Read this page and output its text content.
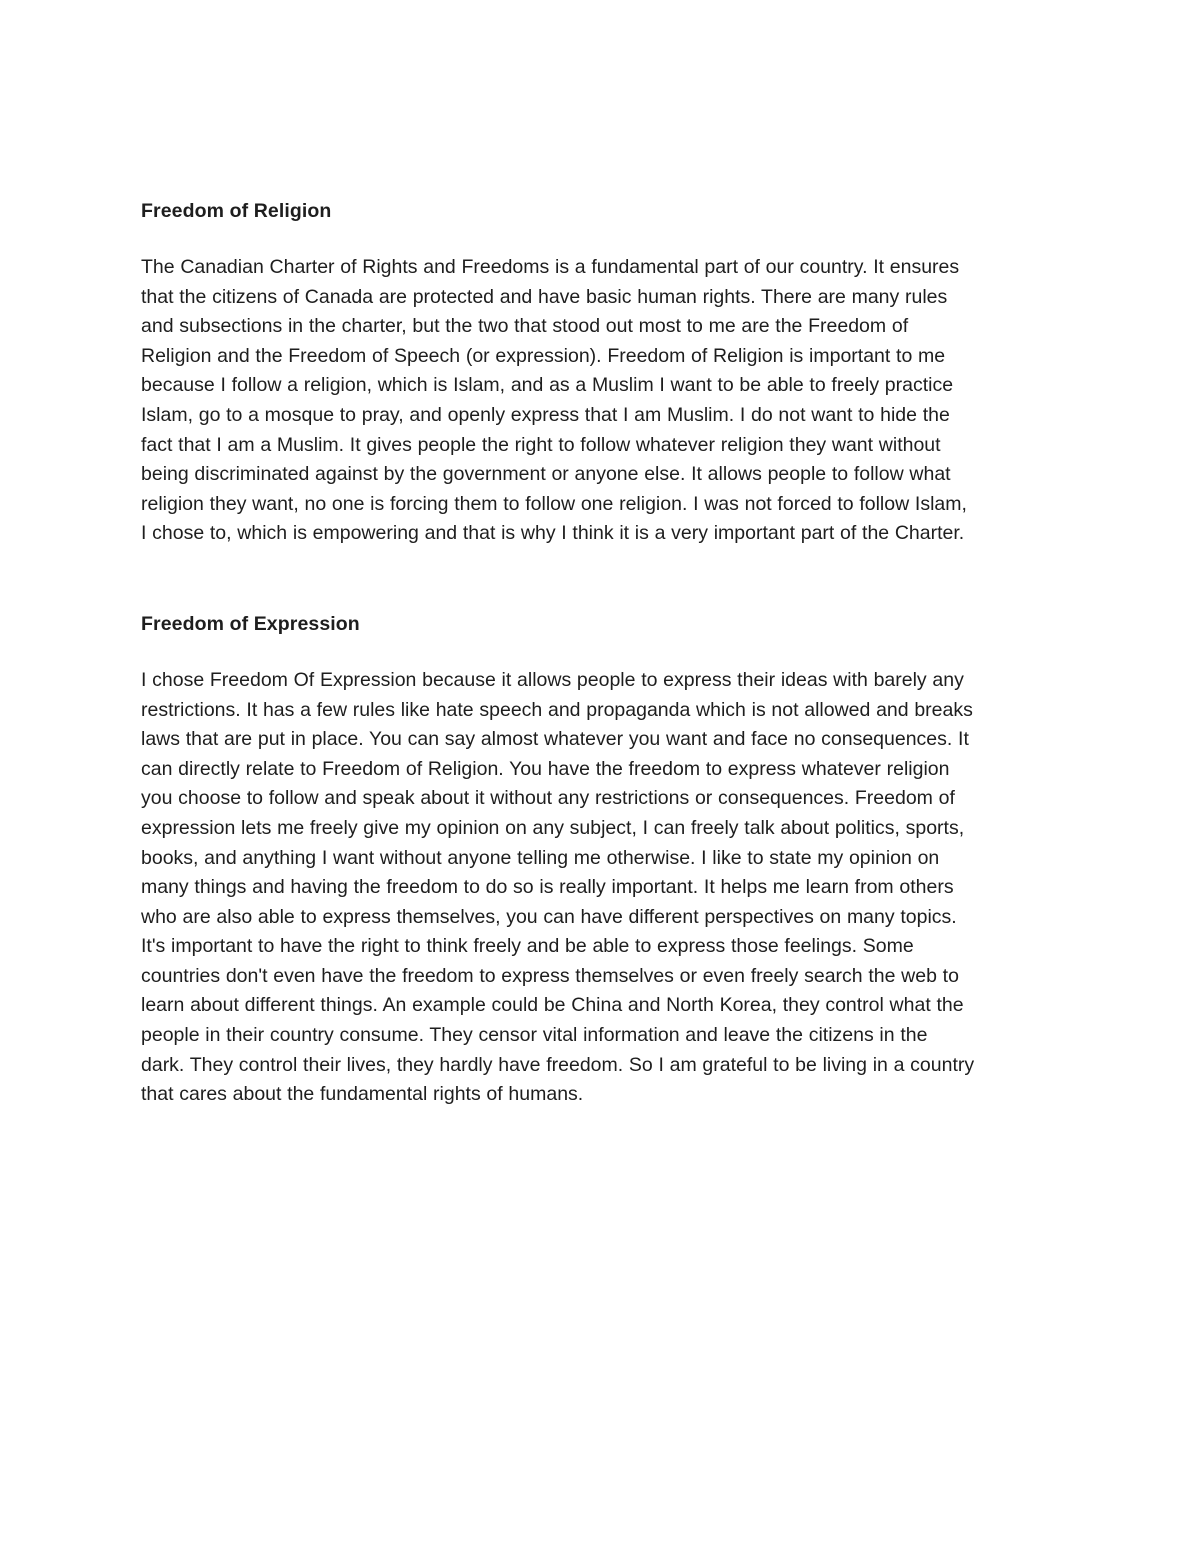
Freedom of Religion

The Canadian Charter of Rights and Freedoms is a fundamental part of our country. It ensures
that the citizens of Canada are protected and have basic human rights. There are many rules
and subsections in the charter, but the two that stood out most to me are the Freedom of
Religion and the Freedom of Speech (or expression). Freedom of Religion is important to me
because I follow a religion, which is Islam, and as a Muslim I want to be able to freely practice
Islam, go to a mosque to pray, and openly express that I am Muslim. I do not want to hide the
fact that I am a Muslim. It gives people the right to follow whatever religion they want without
being discriminated against by the government or anyone else. It allows people to follow what
religion they want, no one is forcing them to follow one religion. I was not forced to follow Islam,
I chose to, which is empowering and that is why I think it is a very important part of the Charter.

Freedom of Expression

I chose Freedom Of Expression because it allows people to express their ideas with barely any
restrictions. It has a few rules like hate speech and propaganda which is not allowed and breaks
laws that are put in place. You can say almost whatever you want and face no consequences. It
can directly relate to Freedom of Religion. You have the freedom to express whatever religion
you choose to follow and speak about it without any restrictions or consequences. Freedom of
expression lets me freely give my opinion on any subject, I can freely talk about politics, sports,
books, and anything I want without anyone telling me otherwise. I like to state my opinion on
many things and having the freedom to do so is really important. It helps me learn from others
who are also able to express themselves, you can have different perspectives on many topics.
It's important to have the right to think freely and be able to express those feelings. Some
countries don't even have the freedom to express themselves or even freely search the web to
learn about different things. An example could be China and North Korea, they control what the
people in their country consume. They censor vital information and leave the citizens in the
dark. They control their lives, they hardly have freedom. So I am grateful to be living in a country
that cares about the fundamental rights of humans.
